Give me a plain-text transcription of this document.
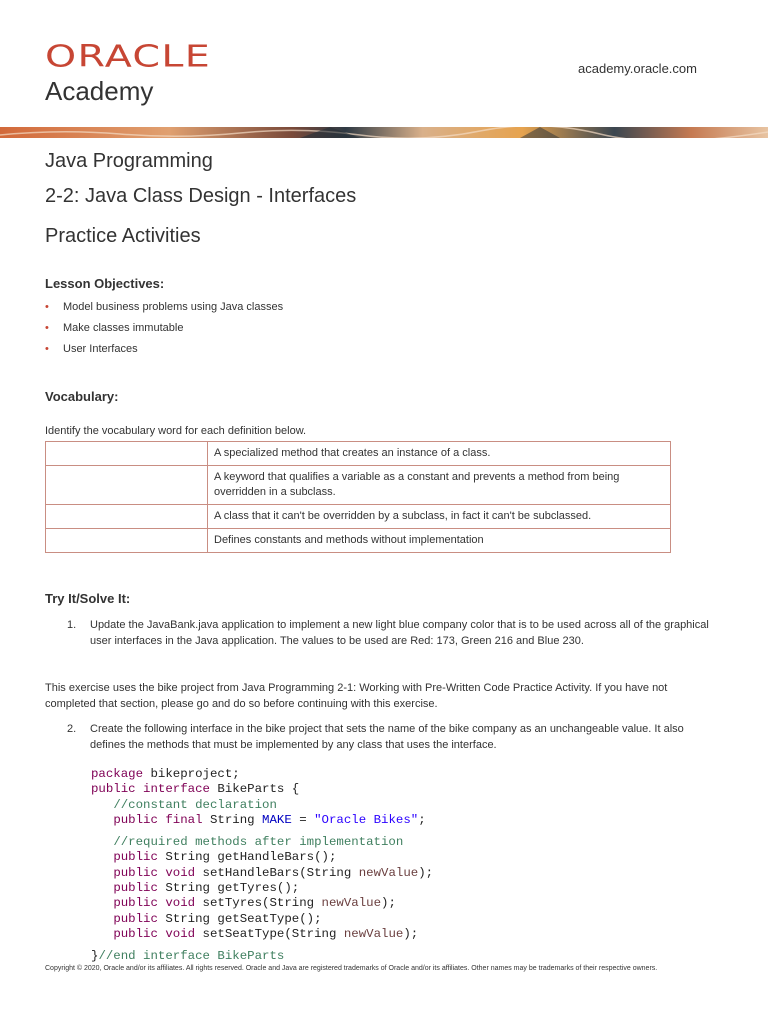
ORACLE
Academy
academy.oracle.com
Java Programming
2-2: Java Class Design - Interfaces
Practice Activities
Lesson Objectives:
• Model business problems using Java classes
• Make classes immutable
• User Interfaces
Vocabulary:
Identify the vocabulary word for each definition below.
	A specialized method that creates an instance of a class.
	A keyword that qualifies a variable as a constant and prevents a method from being overridden in a subclass.
	A class that it can't be overridden by a subclass, in fact it can't be subclassed.
	Defines constants and methods without implementation
Try It/Solve It:
1. Update the JavaBank.java application to implement a new light blue company color that is to be used across all of the graphical user interfaces in the Java application. The values to be used are Red: 173, Green 216 and Blue 230.
This exercise uses the bike project from Java Programming 2-1: Working with Pre-Written Code Practice Activity. If you have not completed that section, please go and do so before continuing with this exercise.
2. Create the following interface in the bike project that sets the name of the bike company as an unchangeable value. It also defines the methods that must be implemented by any class that uses the interface.
package bikeproject;
public interface BikeParts {
//constant declaration
public final String MAKE = "Oracle Bikes";
//required methods after implementation
public String getHandleBars();
public void setHandleBars(String newValue);
public String getTyres();
public void setTyres(String newValue);
public String getSeatType();
public void setSeatType(String newValue);
}//end interface BikeParts
Copyright © 2020, Oracle and/or its affiliates. All rights reserved. Oracle and Java are registered trademarks of Oracle and/or its affiliates. Other names may be trademarks of their respective owners.
